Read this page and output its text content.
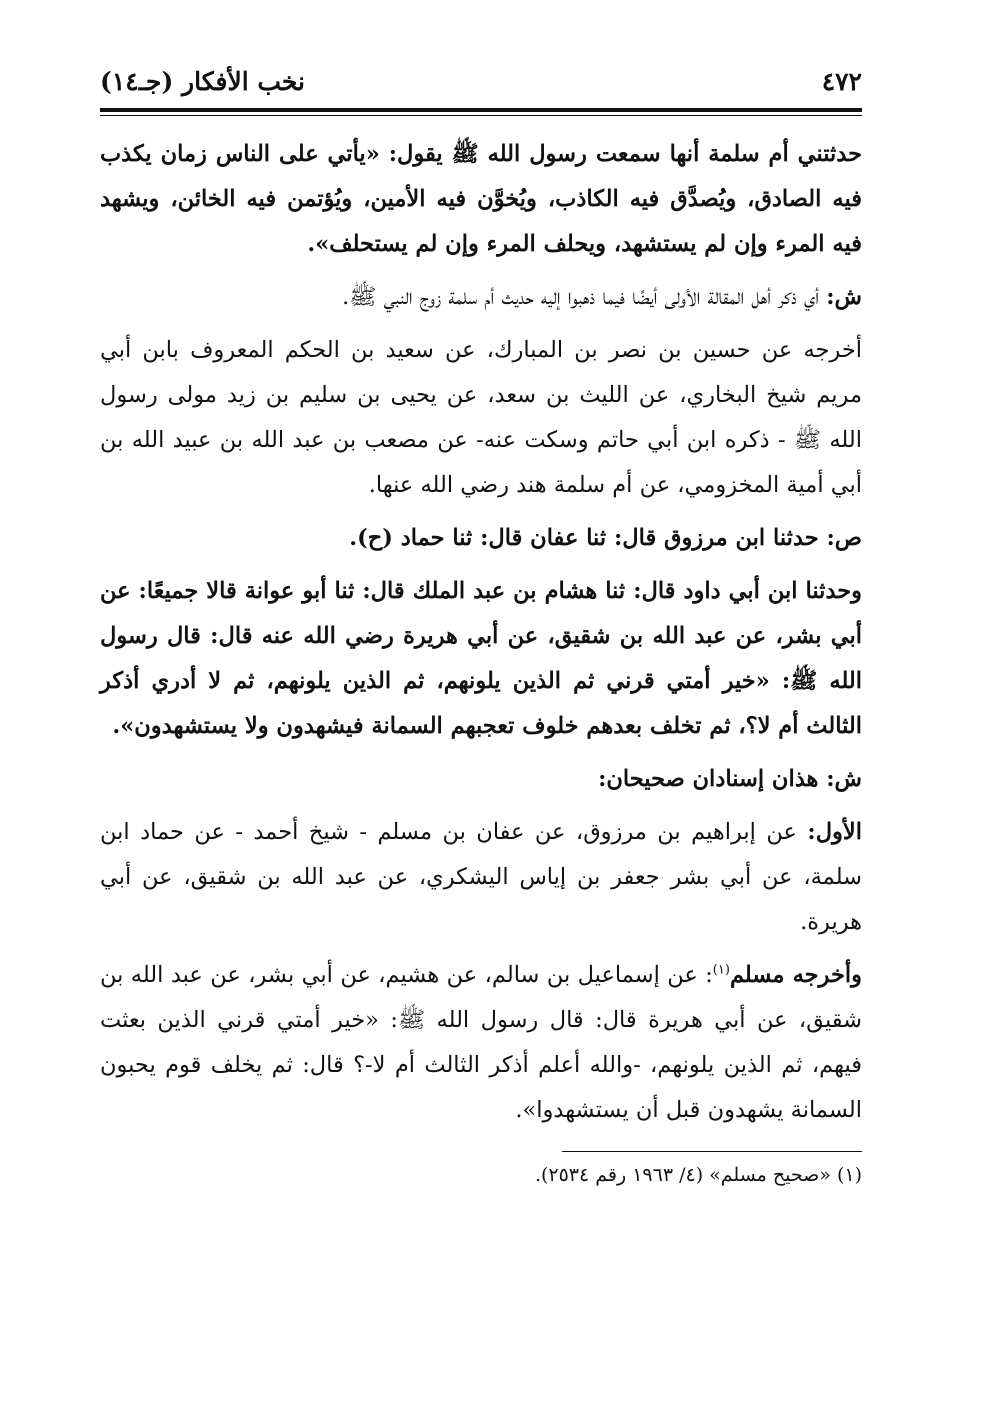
٤٧٢
نخب الأفكار (جـ١٤)

حدثتني أم سلمة أنها سمعت رسول الله ﷺ يقول: «يأتي على الناس زمان يكذب فيه الصادق، ويُصدَّق فيه الكاذب، ويُخوَّن فيه الأمين، ويُؤتمن فيه الخائن، ويشهد فيه المرء وإن لم يستشهد، ويحلف المرء وإن لم يستحلف».

ش: أي ذكر أهل المقالة الأولى أيضًا فيما ذهبوا إليه حديث أم سلمة زوج النبي ﷺ.

أخرجه عن حسين بن نصر بن المبارك، عن سعيد بن الحكم المعروف بابن أبي مريم شيخ البخاري، عن الليث بن سعد، عن يحيى بن سليم بن زيد مولى رسول الله ﷺ - ذكره ابن أبي حاتم وسكت عنه- عن مصعب بن عبد الله بن عبيد الله بن أبي أمية المخزومي، عن أم سلمة هند رضي الله عنها.

ص: حدثنا ابن مرزوق قال: ثنا عفان قال: ثنا حماد (ح).

وحدثنا ابن أبي داود قال: ثنا هشام بن عبد الملك قال: ثنا أبو عوانة قالا جميعًا: عن أبي بشر، عن عبد الله بن شقيق، عن أبي هريرة رضي الله عنه قال: قال رسول الله ﷺ: «خير أمتي قرني ثم الذين يلونهم، ثم الذين يلونهم، ثم لا أدري أذكر الثالث أم لا؟، ثم تخلف بعدهم خلوف تعجبهم السمانة فيشهدون ولا يستشهدون».

ش: هذان إسنادان صحيحان:

الأول: عن إبراهيم بن مرزوق، عن عفان بن مسلم - شيخ أحمد - عن حماد ابن سلمة، عن أبي بشر جعفر بن إياس اليشكري، عن عبد الله بن شقيق، عن أبي هريرة.

وأخرجه مسلم$^{(١)}$: عن إسماعيل بن سالم، عن هشيم، عن أبي بشر، عن عبد الله بن شقيق، عن أبي هريرة قال: قال رسول الله ﷺ: «خير أمتي قرني الذين بعثت فيهم، ثم الذين يلونهم، -والله أعلم أذكر الثالث أم لا-؟ قال: ثم يخلف قوم يحبون السمانة يشهدون قبل أن يستشهدوا».

(١) «صحيح مسلم» (٤/ ١٩٦٣ رقم ٢٥٣٤).
